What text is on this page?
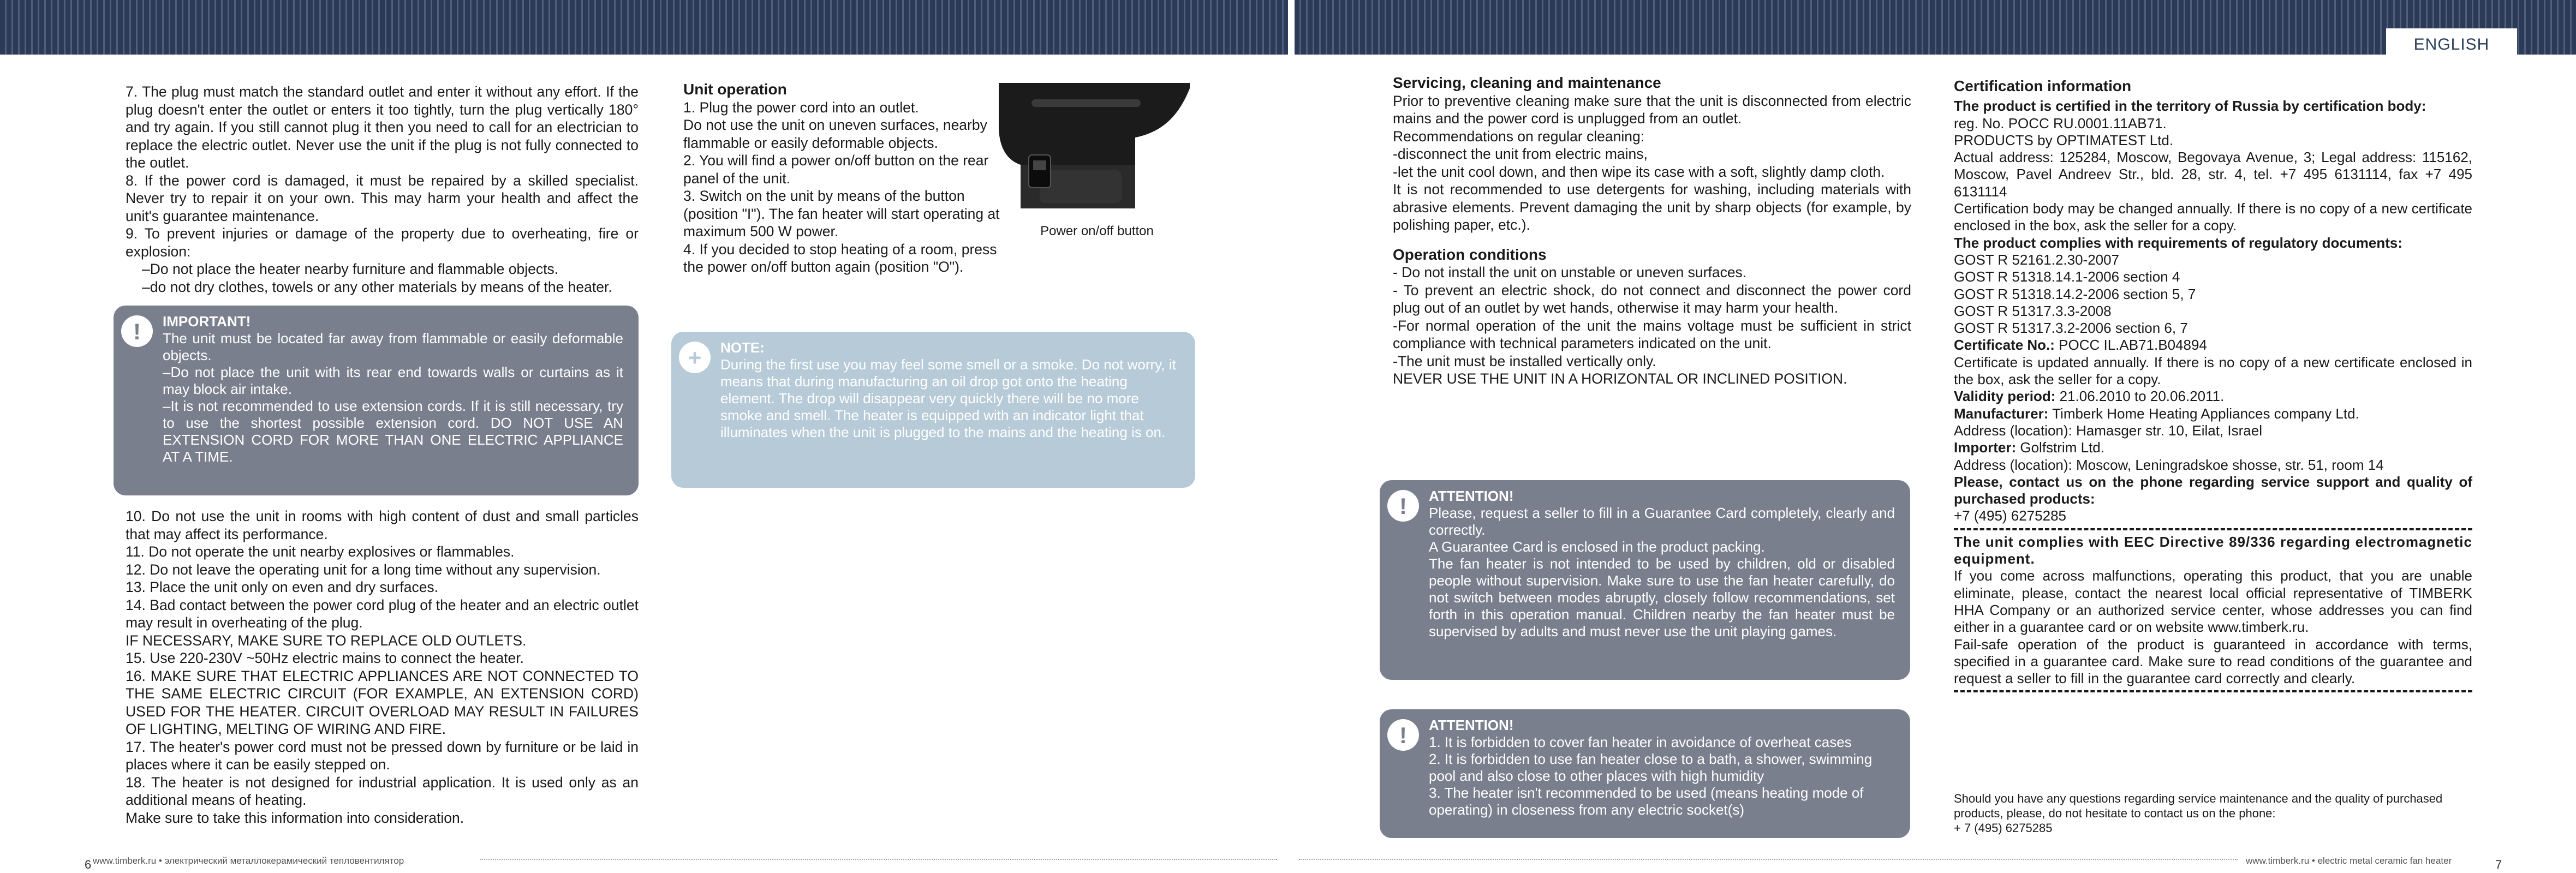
ENGLISH

7. The plug must match the standard outlet and enter it without any effort. If the plug doesn't enter the outlet or enters it too tightly, turn the plug vertically 180° and try again. If you still cannot plug it then you need to call for an electrician to replace the electric outlet. Never use the unit if the plug is not fully connected to the outlet.

8. If the power cord is damaged, it must be repaired by a skilled specialist. Never try to repair it on your own. This may harm your health and affect the unit's guarantee maintenance.

9. To prevent injuries or damage of the property due to overheating, fire or explosion:

–Do not place the heater nearby furniture and flammable objects.

–do not dry clothes, towels or any other materials by means of the heater.

!	IMPORTANT!

The unit must be located far away from flammable or easily deformable objects.

–Do not place the unit with its rear end towards walls or curtains as it may block air intake.

–It is not recommended to use extension cords. If it is still necessary, try to use the shortest possible extension cord. DO NOT USE AN EXTENSION CORD FOR MORE THAN ONE ELECTRIC APPLIANCE AT A TIME.

10. Do not use the unit in rooms with high content of dust and small particles that may affect its performance.

11. Do not operate the unit nearby explosives or flammables.

12. Do not leave the operating unit for a long time without any supervision.

13. Place the unit only on even and dry surfaces.

14. Bad contact between the power cord plug of the heater and an electric outlet may result in overheating of the plug.

IF NECESSARY, MAKE SURE TO REPLACE OLD OUTLETS.

15. Use 220-230V ~50Hz electric mains to connect the heater.

16. MAKE SURE THAT ELECTRIC APPLIANCES ARE NOT CONNECTED TO THE SAME ELECTRIC CIRCUIT (FOR EXAMPLE, AN EXTENSION CORD) USED FOR THE HEATER. CIRCUIT OVERLOAD MAY RESULT IN FAILURES OF LIGHTING, MELTING OF WIRING AND FIRE.

17. The heater's power cord must not be pressed down by furniture or be laid in places where it can be easily stepped on.

18. The heater is not designed for industrial application. It is used only as an additional means of heating.

Make sure to take this information into consideration.

Unit operation

1. Plug the power cord into an outlet.

Do not use the unit on uneven surfaces, nearby flammable or easily deformable objects.

2. You will find a power on/off button on the rear panel of the unit.

3. Switch on the unit by means of the button (position "I"). The fan heater will start operating at maximum 500 W power.

4. If you decided to stop heating of a room, press the power on/off button again (position "O").

Power on/off button
+	NOTE:

During the first use you may feel some smell or a smoke. Do not worry, it means that during manufacturing an oil drop got onto the heating element. The drop will disappear very quickly there will be no more smoke and smell. The heater is equipped with an indicator light that illuminates when the unit is plugged to the mains and the heating is on.

www.timberk.ru • электрический металлокерамический тепловентилятор
6

Servicing, cleaning and maintenance

Prior to preventive cleaning make sure that the unit is disconnected from electric mains and the power cord is unplugged from an outlet.

Recommendations on regular cleaning:

-disconnect the unit from electric mains,

-let the unit cool down, and then wipe its case with a soft, slightly damp cloth.

It is not recommended to use detergents for washing, including materials with abrasive elements. Prevent damaging the unit by sharp objects (for example, by polishing paper, etc.).

Operation conditions

- Do not install the unit on unstable or uneven surfaces.

- To prevent an electric shock, do not connect and disconnect the power cord plug out of an outlet by wet hands, otherwise it may harm your health.

-For normal operation of the unit the mains voltage must be sufficient in strict compliance with technical parameters indicated on the unit.

-The unit must be installed vertically only.

NEVER USE THE UNIT IN A HORIZONTAL OR INCLINED POSITION.

!	ATTENTION!

Please, request a seller to fill in a Guarantee Card completely, clearly and correctly.

A Guarantee Card is enclosed in the product packing.

The fan heater is not intended to be used by children, old or disabled people without supervision. Make sure to use the fan heater carefully, do not switch between modes abruptly, closely follow recommendations, set forth in this operation manual. Children nearby the fan heater must be supervised by adults and must never use the unit playing games.

!	ATTENTION!

1. It is forbidden to cover fan heater in avoidance of overheat cases

2. It is forbidden to use fan heater close to a bath, a shower, swimming pool and also close to other places with high humidity

3. The heater isn't recommended to be used (means heating mode of operating) in closeness from any electric socket(s)

Certification information

The product is certified in the territory of Russia by certification body:

reg. No. POCC RU.0001.11AB71.

PRODUCTS by OPTIMATEST Ltd.

Actual address: 125284, Moscow, Begovaya Avenue, 3; Legal address: 115162, Moscow, Pavel Andreev Str., bld. 28, str. 4, tel. +7 495 6131114, fax +7 495 6131114

Certification body may be changed annually. If there is no copy of a new certificate enclosed in the box, ask the seller for a copy.

The product complies with requirements of regulatory documents:

GOST R 52161.2.30-2007

GOST R 51318.14.1-2006 section 4

GOST R 51318.14.2-2006 section 5, 7

GOST R 51317.3.3-2008

GOST R 51317.3.2-2006 section 6, 7

Certificate No.: POCC IL.AB71.B04894

Certificate is updated annually. If there is no copy of a new certificate enclosed in the box, ask the seller for a copy.

Validity period: 21.06.2010 to 20.06.2011.

Manufacturer: Timberk Home Heating Appliances company Ltd.

Address (location): Hamasger str. 10, Eilat, Israel

Importer: Golfstrim Ltd.

Address (location): Moscow, Leningradskoe shosse, str. 51, room 14

Please, contact us on the phone regarding service support and quality of purchased products:

+7 (495) 6275285

The unit complies with EEC Directive 89/336 regarding electromagnetic equipment.

If you come across malfunctions, operating this product, that you are unable eliminate, please, contact the nearest local official representative of TIMBERK HHA Company or an authorized service center, whose addresses you can find either in a guarantee card or on website www.timberk.ru.

Fail-safe operation of the product is guaranteed in accordance with terms, specified in a guarantee card. Make sure to read conditions of the guarantee and request a seller to fill in the guarantee card correctly and clearly.

Should you have any questions regarding service maintenance and the quality of purchased products, please, do not hesitate to contact us on the phone:

+ 7 (495) 6275285

www.timberk.ru • electric metal ceramic fan heater	7
